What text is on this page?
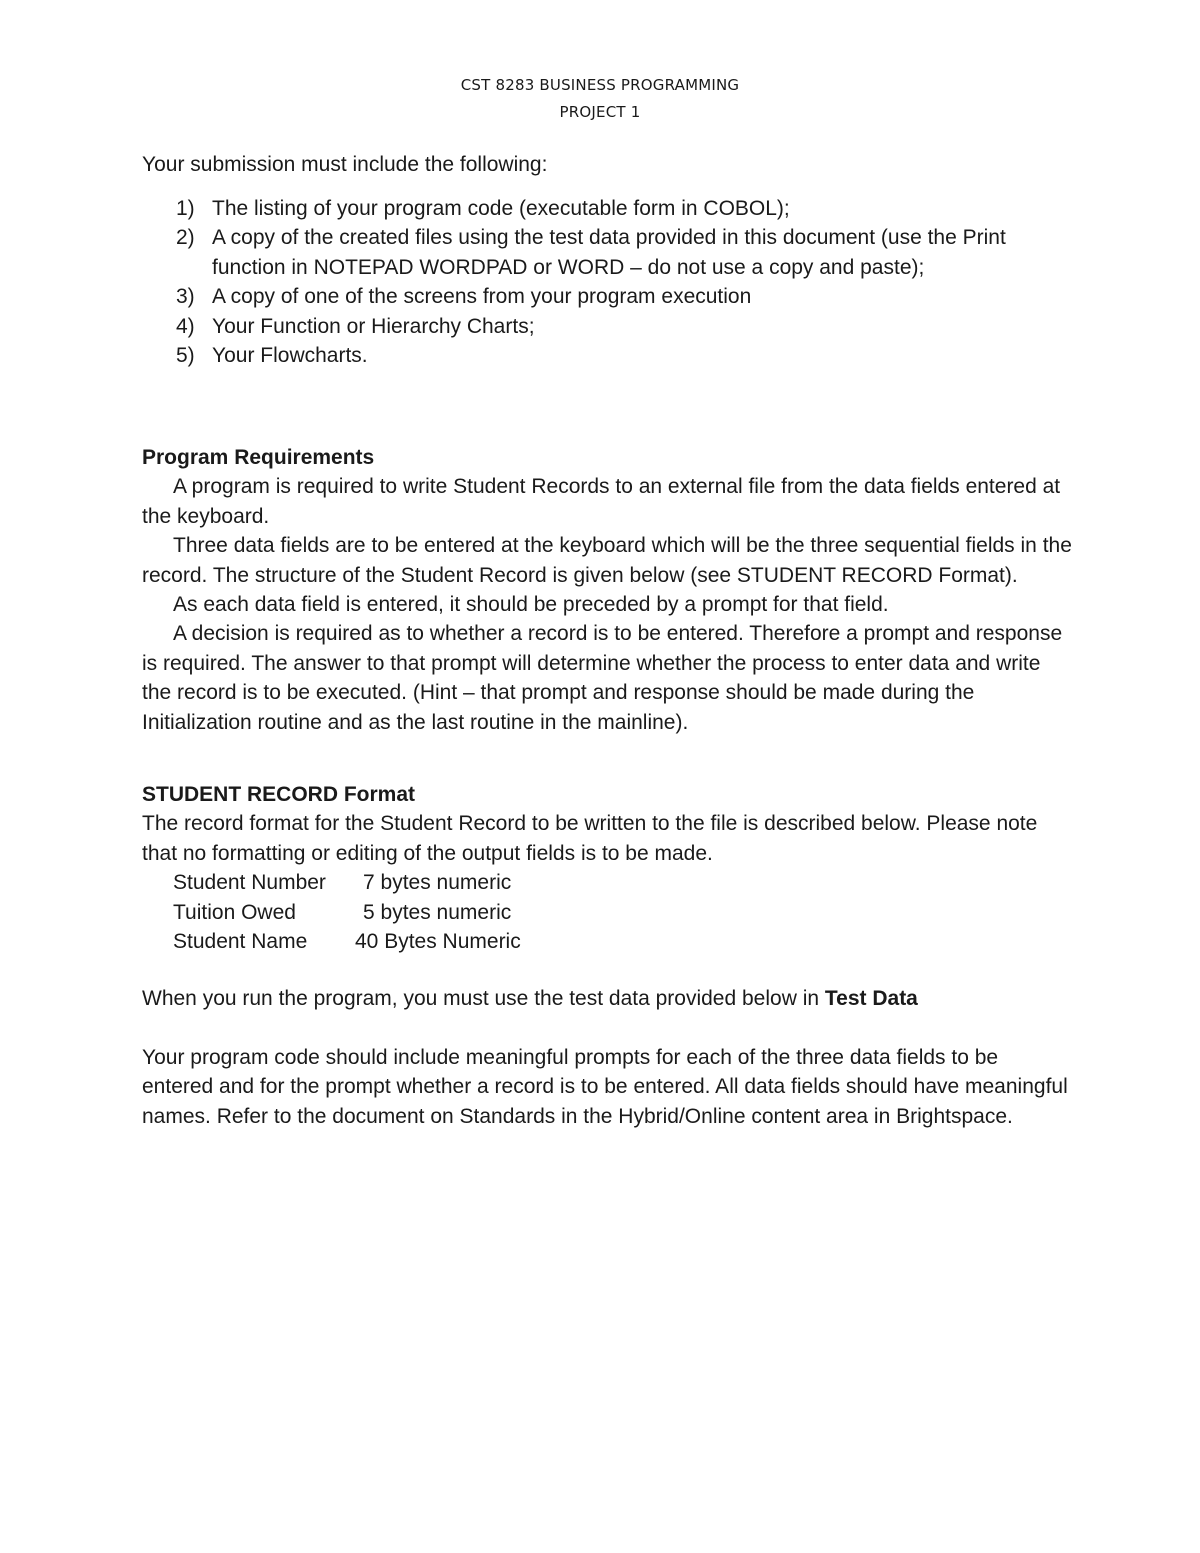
CST 8283 BUSINESS PROGRAMMING
PROJECT 1
Your submission must include the following:
1) The listing of your program code (executable form in COBOL);
2) A copy of the created files using the test data provided in this document (use the Print function in NOTEPAD WORDPAD or WORD – do not use a copy and paste);
3) A copy of one of the screens from your program execution
4) Your Function or Hierarchy Charts;
5) Your Flowcharts.

Program Requirements

A program is required to write Student Records to an external file from the data fields entered at the keyboard.

Three data fields are to be entered at the keyboard which will be the three sequential fields in the record. The structure of the Student Record is given below (see STUDENT RECORD Format).

As each data field is entered, it should be preceded by a prompt for that field.

A decision is required as to whether a record is to be entered. Therefore a prompt and response is required. The answer to that prompt will determine whether the process to enter data and write the record is to be executed. (Hint – that prompt and response should be made during the Initialization routine and as the last routine in the mainline).

STUDENT RECORD Format

The record format for the Student Record to be written to the file is described below. Please note that no formatting or editing of the output fields is to be made.

Student Number 7 bytes numeric

Tuition Owed	5 bytes numeric

Student Name 40 Bytes Numeric

When you run the program, you must use the test data provided below in Test Data
Your program code should include meaningful prompts for each of the three data fields to be entered and for the prompt whether a record is to be entered. All data fields should have meaningful names. Refer to the document on Standards in the Hybrid/Online content area in Brightspace.
